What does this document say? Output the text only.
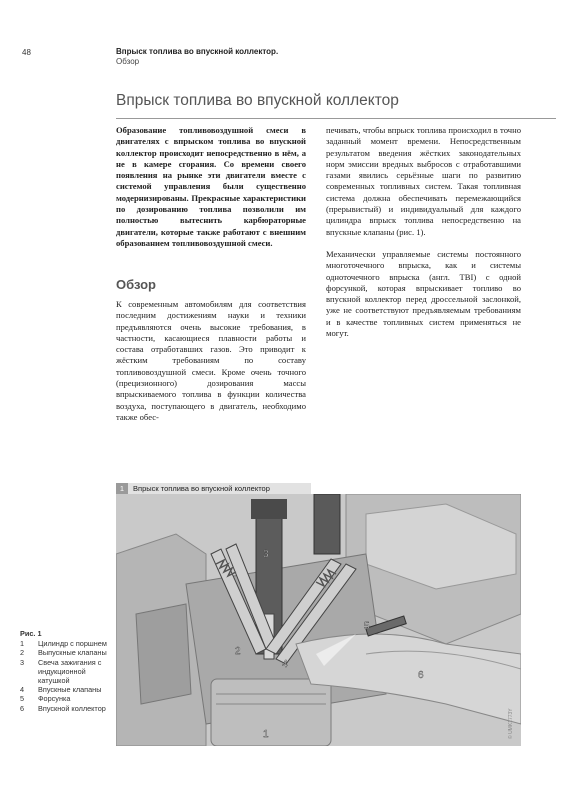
48	Впрыск топлива во впускной коллектор.
Обзор
Впрыск топлива во впускной коллектор

Образование топливовоздушной смеси в двигателях с впрыском топлива во впускной коллектор происходит непосредственно в нём, а не в камере сгорания. Со времени своего появления на рынке эти двигатели вместе с системой управления были существенно модернизированы. Прекрасные характеристики по дозированию топлива позволили им полностью вытеснить карбюраторные двигатели, которые также работают с внешним образованием топливовоздушной смеси.

Обзор

К современным автомобилям для соответствия последним достижениям науки и техники предъявляются очень высокие требования, в частности, касающиеся плавности работы и состава отработавших газов. Это приводит к жёстким требованиям по составу топливовоздушной смеси. Кроме очень точного (прецизионного) дозирования массы впрыскиваемого топлива в функции количества воздуха, поступающего в двигатель, необходимо также обес-

печивать, чтобы впрыск топлива происходил в точно заданный момент времени. Непосредственным результатом введения жёстких законодательных норм эмиссии вредных выбросов с отработавшими газами явились серьёзные шаги по развитию современных топливных систем. Такая топливная система должна обеспечивать перемежающийся (прерывистый) и индивидуальный для каждого цилиндра впрыск топлива непосредственно на впускные клапаны (рис. 1).

Механически управляемые системы постоянного многоточечного впрыска, как и системы одноточечного впрыска (англ. TBI) с одной форсункой, которая впрыскивает топливо во впускной коллектор перед дроссельной заслонкой, уже не соответствуют предъявляемым требованиям и в качестве топливных систем применяться не могут.

1 Впрыск топлива во впускной коллектор
1
2
3
4
5
6
© UMK1773Y
Рис. 1
1	Цилиндр с поршнем
2	Выпускные клапаны
3	Свеча зажигания с индукционной катушкой
4	Впускные клапаны
5	Форсунка
6	Впускной коллектор
